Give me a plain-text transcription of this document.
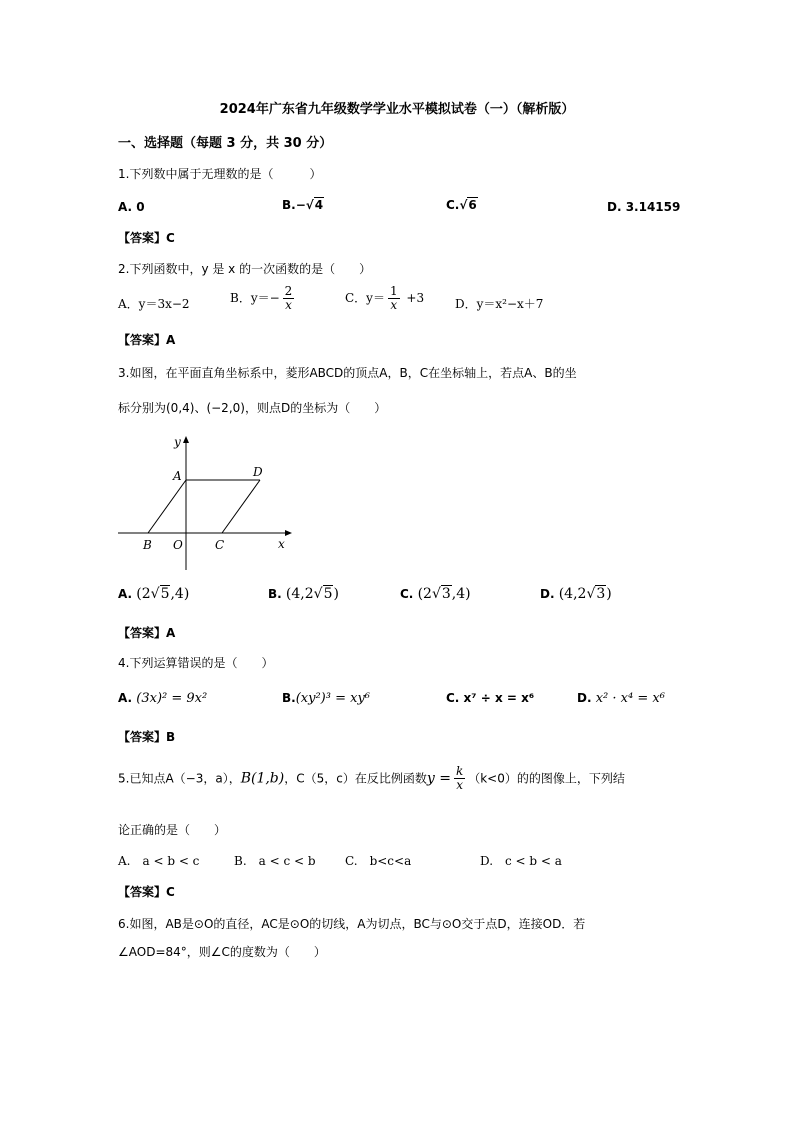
2024年广东省九年级数学学业水平模拟试卷（一）（解析版）
一、选择题（每题 3 分，共 30 分）
1.下列数中属于无理数的是（　　　）
A. 0	B.−√4	C.√6	D. 3.14159
【答案】C
2.下列函数中，y 是 x 的一次函数的是（　　）
A．y＝3x−2	B．$y=- \frac{2}{x}$	C．$y= \frac{1}{x} +3$	D．y＝x²−x＋7
【答案】A
3.如图，在平面直角坐标系中，菱形ABCD的顶点A，B，C在坐标轴上，若点A、B的坐
标分别为(0,4)、(−2,0)，则点D的坐标为（　　）
y
x
A	D
B O	C
A. (2√5,4)	B. (4,2√5)	C. (2√3,4)	D. (4,2√3)
【答案】A
4.下列运算错误的是（　　）
A. (3x)² = 9x²	B.(xy²)³ = xy⁶	C. x⁷ ÷ x = x⁶	D. x² · x⁴ = x⁶
【答案】B
5.已知点A（−3，a），B(1,b)，C（5，c）在反比例函数$y = \frac{k}{x} (k<0)$的的图像上，下列结
论正确的是（　　）
A.　a < b < c	B.　a < c < b C.　b<c<a	D.　c < b < a
【答案】C
6.如图，AB是⊙O的直径，AC是⊙O的切线，A为切点，BC与⊙O交于点D，连接OD．若
∠AOD=84°，则∠C的度数为（　　）
